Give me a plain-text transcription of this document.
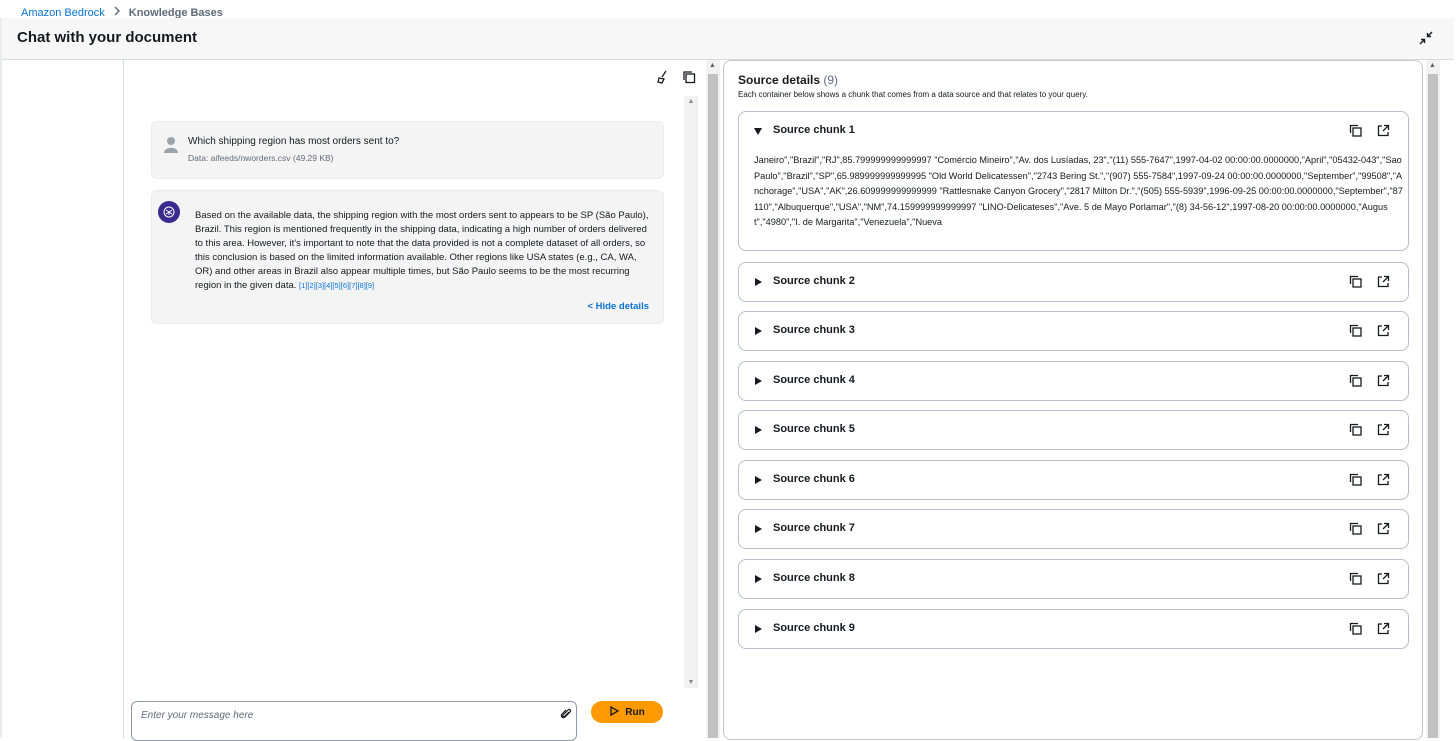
Amazon Bedrock Knowledge Bases
Chat with your document
▲
▼
Which shipping region has most orders sent to?
Data: aifeeds/nworders.csv (49.29 KB)
Based on the available data, the shipping region with the most orders sent to appears to be SP (São Paulo), Brazil. This region is mentioned frequently in the shipping data, indicating a high number of orders delivered to this area. However, it's important to note that the data provided is not a complete dataset of all orders, so this conclusion is based on the limited information available. Other regions like USA states (e.g., CA, WA, OR) and other areas in Brazil also appear multiple times, but São Paulo seems to be the most recurring region in the given data. [1][2][3][4][5][6][7][8][9]
< Hide details
Enter your message here
Run
▲
Source details (9)
Each container below shows a chunk that comes from a data source and that relates to your query.
Source chunk 1
Janeiro","Brazil","RJ",85.799999999999997 "Comércio Mineiro","Av. dos Lusíadas, 23","(11) 555-7647",1997-04-02 00:00:00.0000000,"April","05432-043","Sao Paulo","Brazil","SP",65.989999999999995 "Old World Delicatessen","2743 Bering St.","(907) 555-7584",1997-09-24 00:00:00.0000000,"September","99508","Anchorage","USA","AK",26.609999999999999 "Rattlesnake Canyon Grocery","2817 Milton Dr.","(505) 555-5939",1996-09-25 00:00:00.0000000,"September","87110","Albuquerque","USA","NM",74.159999999999997 "LINO-Delicateses","Ave. 5 de Mayo Porlamar","(8) 34-56-12",1997-08-20 00:00:00.0000000,"August","4980","I. de Margarita","Venezuela","Nueva
Source chunk 2
Source chunk 3
Source chunk 4
Source chunk 5
Source chunk 6
Source chunk 7
Source chunk 8
Source chunk 9
▲
